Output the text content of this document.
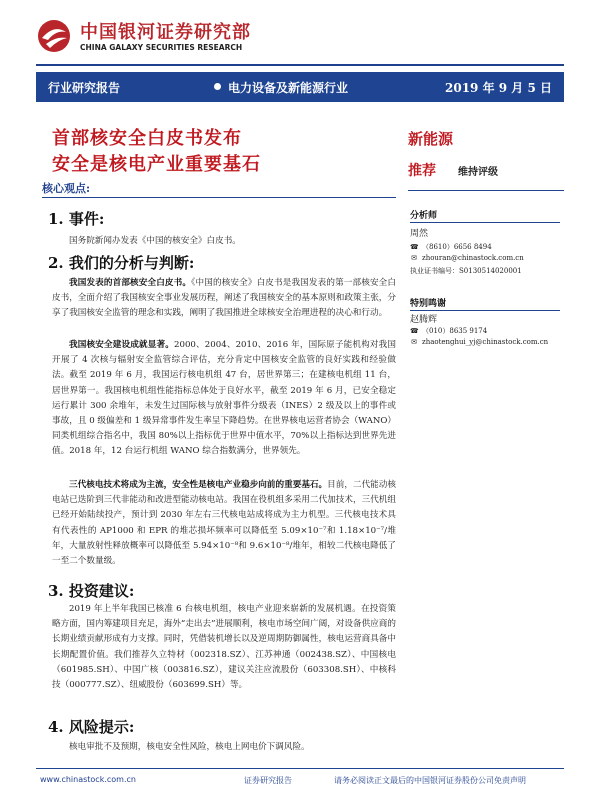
中国银河证券研究部
CHINA GALAXY SECURITIES RESEARCH
行业研究报告	电力设备及新能源行业	2019 年 9 月 5 日
首部核安全白皮书发布
安全是核电产业重要基石
新能源
推荐 维持评级
核心观点:
1. 事件:
国务院新闻办发表《中国的核安全》白皮书。
2. 我们的分析与判断:
我国发表的首部核安全白皮书。《中国的核安全》白皮书是我国发表的第一部核安全白皮书，全面介绍了我国核安全事业发展历程，阐述了我国核安全的基本原则和政策主张，分享了我国核安全监管的理念和实践，阐明了我国推进全球核安全治理进程的决心和行动。
我国核安全建设成就显著。2000、2004、2010、2016 年，国际原子能机构对我国开展了 4 次核与辐射安全监管综合评估，充分肯定中国核安全监管的良好实践和经验做法。截至 2019 年 6 月，我国运行核电机组 47 台，居世界第三；在建核电机组 11 台，居世界第一。我国核电机组性能指标总体处于良好水平，截至 2019 年 6 月，已安全稳定运行累计 300 余堆年，未发生过国际核与放射事件分级表（INES）2 级及以上的事件或事故，且 0 级偏差和 1 级异常事件发生率呈下降趋势。在世界核电运营者协会（WANO）同类机组综合指名中，我国 80%以上指标优于世界中值水平，70%以上指标达到世界先进值。2018 年，12 台运行机组 WANO 综合指数满分，世界领先。
三代核电技术将成为主流，安全性是核电产业稳步向前的重要基石。目前，二代能动核电站已迭阶到三代非能动和改进型能动核电站。我国在役机组多采用二代加技术，三代机组已经开始陆续投产，预计到 2030 年左右三代核电站成将成为主力机型。三代核电技术具有代表性的 AP1000 和 EPR 的堆芯损坏频率可以降低至 5.09×10⁻⁷和 1.18×10⁻⁷/堆年，大量放射性释放概率可以降低至 5.94×10⁻⁸和 9.6×10⁻⁸/堆年，相较二代核电降低了一至二个数量级。
3. 投资建议:
2019 年上半年我国已核准 6 台核电机组，核电产业迎来崭新的发展机遇。在投资策略方面，国内筹建项目充足，海外“走出去”进展顺利，核电市场空间广阔，对设备供应商的长期业绩贡献形成有力支撑。同时，凭借装机增长以及逆周期防御属性，核电运营商具备中长期配置价值。我们推荐久立特材（002318.SZ）、江苏神通（002438.SZ）、中国核电（601985.SH）、中国广核（003816.SZ），建议关注应流股份（603308.SH）、中核科技（000777.SZ）、纽威股份（603699.SH）等。
4. 风险提示:
核电审批不及预期，核电安全性风险，核电上网电价下调风险。
分析师
周然
☎ （8610）6656 8494
✉ zhouran@chinastock.com.cn
执业证书编号：S0130514020001
特别鸣谢
赵腾辉
☎ （010）8635 9174
✉ zhaotenghui_yj@chinastock.com.cn
www.chinastock.com.cn	证券研究报告	请务必阅读正文最后的中国银河证券股份公司免责声明
